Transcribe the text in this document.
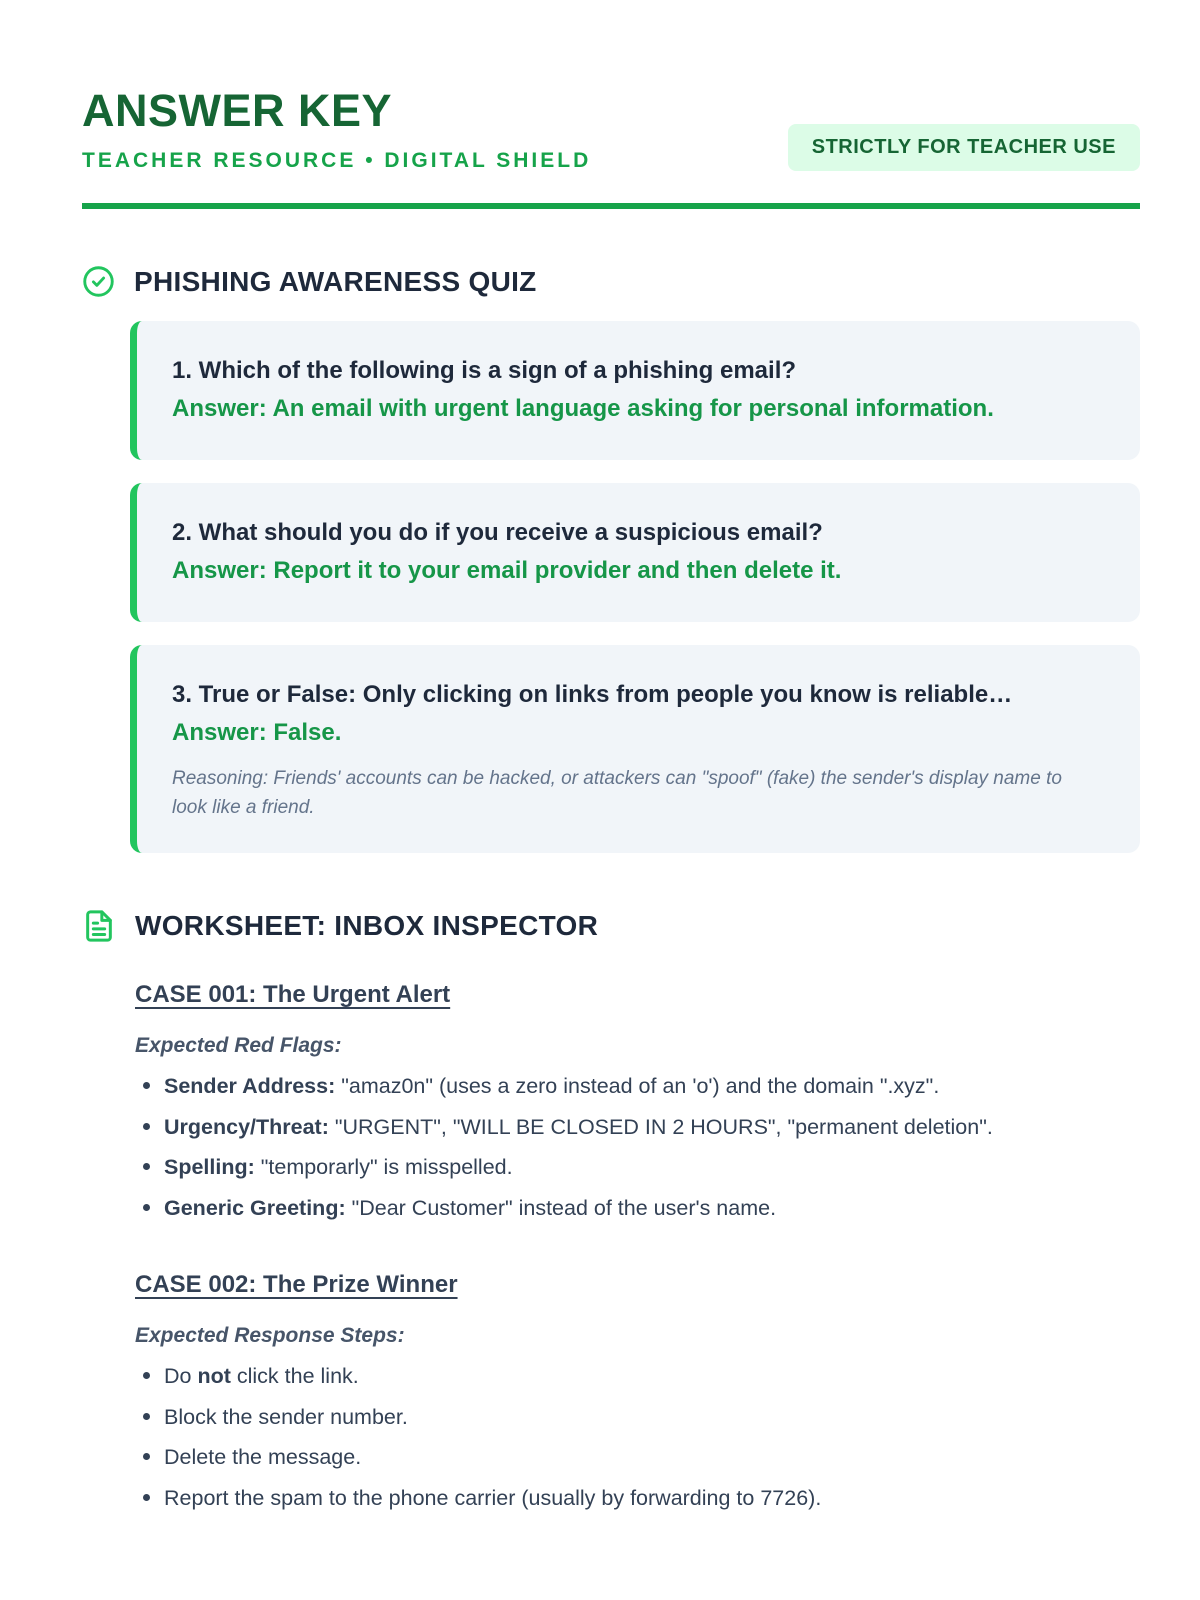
ANSWER KEY
TEACHER RESOURCE • DIGITAL SHIELD
STRICTLY FOR TEACHER USE
PHISHING AWARENESS QUIZ

1. Which of the following is a sign of a phishing email?

Answer: An email with urgent language asking for personal information.

2. What should you do if you receive a suspicious email?

Answer: Report it to your email provider and then delete it.

3. True or False: Only clicking on links from people you know is reliable…

Answer: False.

Reasoning: Friends' accounts can be hacked, or attackers can "spoof" (fake) the sender's display name to look like a friend.

WORKSHEET: INBOX INSPECTOR
CASE 001: The Urgent Alert
Expected Red Flags:
Sender Address: "amaz0n" (uses a zero instead of an 'o') and the domain ".xyz".
Urgency/Threat: "URGENT", "WILL BE CLOSED IN 2 HOURS", "permanent deletion".
Spelling: "temporarly" is misspelled.
Generic Greeting: "Dear Customer" instead of the user's name.
CASE 002: The Prize Winner
Expected Response Steps:
Do not click the link.
Block the sender number.
Delete the message.
Report the spam to the phone carrier (usually by forwarding to 7726).
